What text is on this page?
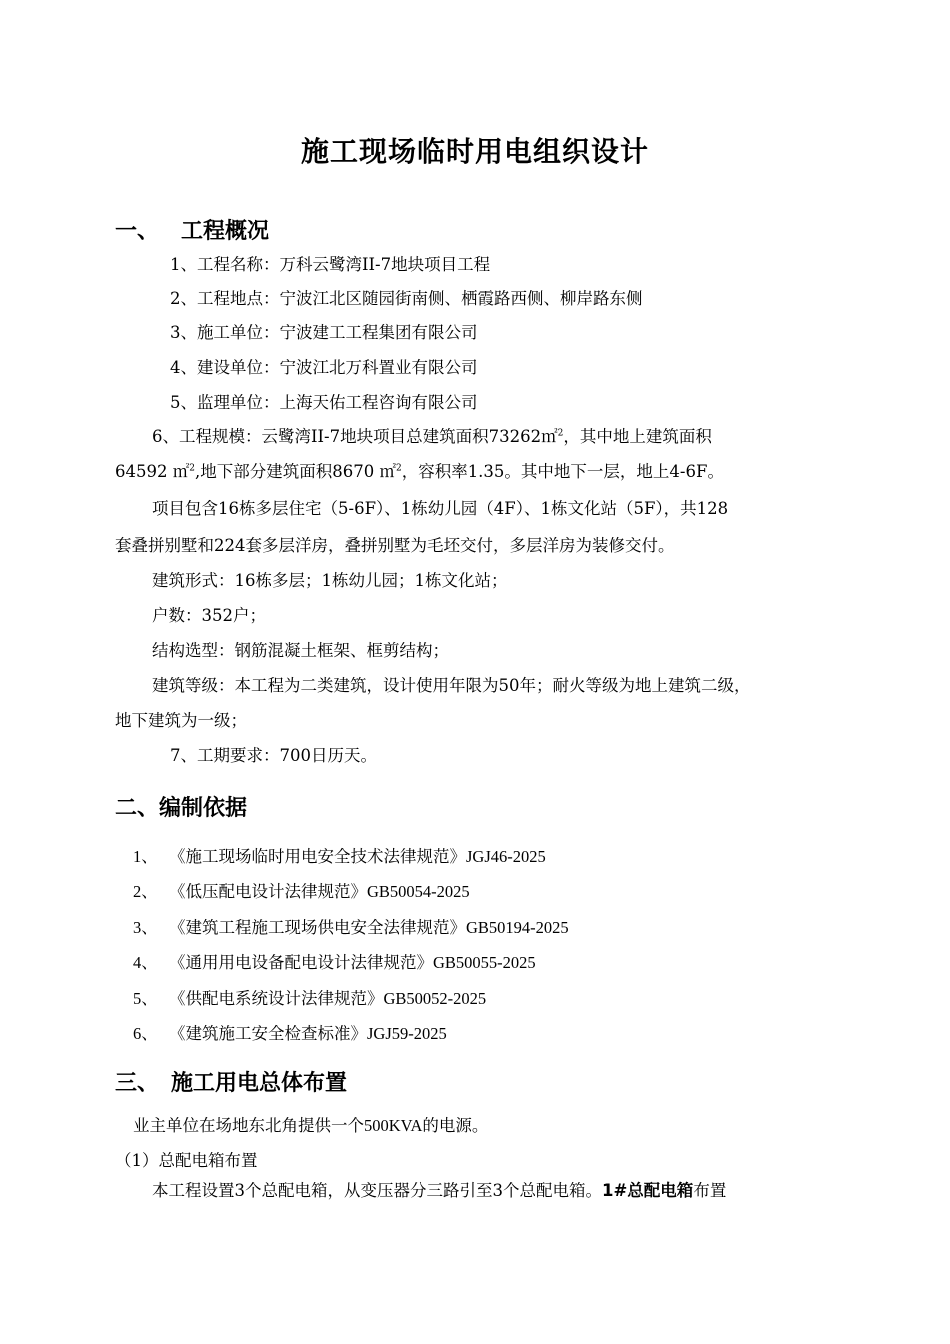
施工现场临时用电组织设计
一、 工程概况
1、工程名称：万科云鹭湾II-7地块项目工程
2、工程地点：宁波江北区随园街南侧、栖霞路西侧、柳岸路东侧
3、施工单位：宁波建工工程集团有限公司
4、建设单位：宁波江北万科置业有限公司
5、监理单位：上海天佑工程咨询有限公司
6、工程规模：云鹭湾II-7地块项目总建筑面积73262㎡$^2$，其中地上建筑面积
64592 ㎡$^2$,地下部分建筑面积8670 ㎡$^2$，容积率1.35。其中地下一层，地上4-6F。
项目包含16栋多层住宅（5-6F）、1栋幼儿园（4F）、1栋文化站（5F），共128
套叠拼别墅和224套多层洋房，叠拼别墅为毛坯交付，多层洋房为装修交付。
建筑形式：16栋多层；1栋幼儿园；1栋文化站；
户数：352户；
结构选型：钢筋混凝土框架、框剪结构；
建筑等级：本工程为二类建筑，设计使用年限为50年；耐火等级为地上建筑二级，
地下建筑为一级；
7、工期要求：700日历天。
二、编制依据
1、 《施工现场临时用电安全技术法律规范》JGJ46-2025
2、 《低压配电设计法律规范》GB50054-2025
3、 《建筑工程施工现场供电安全法律规范》GB50194-2025
4、 《通用用电设备配电设计法律规范》GB50055-2025
5、 《供配电系统设计法律规范》GB50052-2025
6、 《建筑施工安全检查标准》JGJ59-2025
三、 施工用电总体布置
业主单位在场地东北角提供一个500KVA的电源。
（1）总配电箱布置
本工程设置3个总配电箱，从变压器分三路引至3个总配电箱。1#总配电箱布置
